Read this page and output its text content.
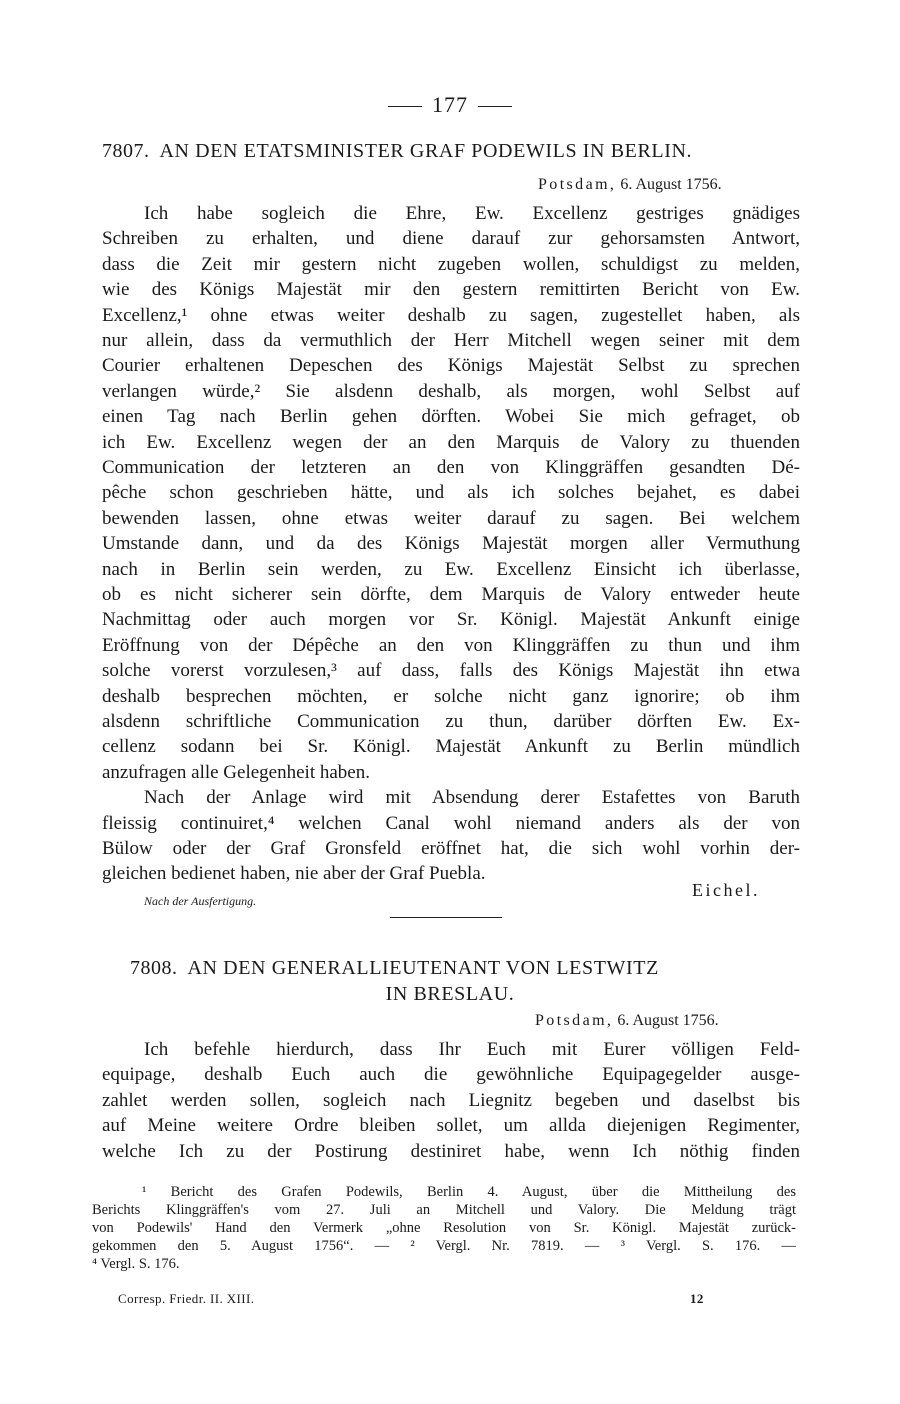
177
7807. AN DEN ETATSMINISTER GRAF PODEWILS IN BERLIN.
Potsdam, 6. August 1756.
Ich habe sogleich die Ehre, Ew. Excellenz gestriges gnädiges
Schreiben zu erhalten, und diene darauf zur gehorsamsten Antwort,
dass die Zeit mir gestern nicht zugeben wollen, schuldigst zu melden,
wie des Königs Majestät mir den gestern remittirten Bericht von Ew.
Excellenz,¹ ohne etwas weiter deshalb zu sagen, zugestellet haben, als
nur allein, dass da vermuthlich der Herr Mitchell wegen seiner mit dem
Courier erhaltenen Depeschen des Königs Majestät Selbst zu sprechen
verlangen würde,² Sie alsdenn deshalb, als morgen, wohl Selbst auf
einen Tag nach Berlin gehen dörften. Wobei Sie mich gefraget, ob
ich Ew. Excellenz wegen der an den Marquis de Valory zu thuenden
Communication der letzteren an den von Klinggräffen gesandten Dé-
pêche schon geschrieben hätte, und als ich solches bejahet, es dabei
bewenden lassen, ohne etwas weiter darauf zu sagen. Bei welchem
Umstande dann, und da des Königs Majestät morgen aller Vermuthung
nach in Berlin sein werden, zu Ew. Excellenz Einsicht ich überlasse,
ob es nicht sicherer sein dörfte, dem Marquis de Valory entweder heute
Nachmittag oder auch morgen vor Sr. Königl. Majestät Ankunft einige
Eröffnung von der Dépêche an den von Klinggräffen zu thun und ihm
solche vorerst vorzulesen,³ auf dass, falls des Königs Majestät ihn etwa
deshalb besprechen möchten, er solche nicht ganz ignorire; ob ihm
alsdenn schriftliche Communication zu thun, darüber dörften Ew. Ex-
cellenz sodann bei Sr. Königl. Majestät Ankunft zu Berlin mündlich
anzufragen alle Gelegenheit haben.
Nach der Anlage wird mit Absendung derer Estafettes von Baruth
fleissig continuiret,⁴ welchen Canal wohl niemand anders als der von
Bülow oder der Graf Gronsfeld eröffnet hat, die sich wohl vorhin der-
gleichen bedienet haben, nie aber der Graf Puebla.
Eichel.
Nach der Ausfertigung.
7808. AN DEN GENERALLIEUTENANT VON LESTWITZ
IN BRESLAU.
Potsdam, 6. August 1756.
Ich befehle hierdurch, dass Ihr Euch mit Eurer völligen Feld-
equipage, deshalb Euch auch die gewöhnliche Equipagegelder ausge-
zahlet werden sollen, sogleich nach Liegnitz begeben und daselbst bis
auf Meine weitere Ordre bleiben sollet, um allda diejenigen Regimenter,
welche Ich zu der Postirung destiniret habe, wenn Ich nöthig finden
¹ Bericht des Grafen Podewils, Berlin 4. August, über die Mittheilung des
Berichts Klinggräffen's vom 27. Juli an Mitchell und Valory. Die Meldung trägt
von Podewils' Hand den Vermerk „ohne Resolution von Sr. Königl. Majestät zurück-
gekommen den 5. August 1756“. — ² Vergl. Nr. 7819. — ³ Vergl. S. 176. —
⁴ Vergl. S. 176.
Corresp. Friedr. II. XIII.	12
